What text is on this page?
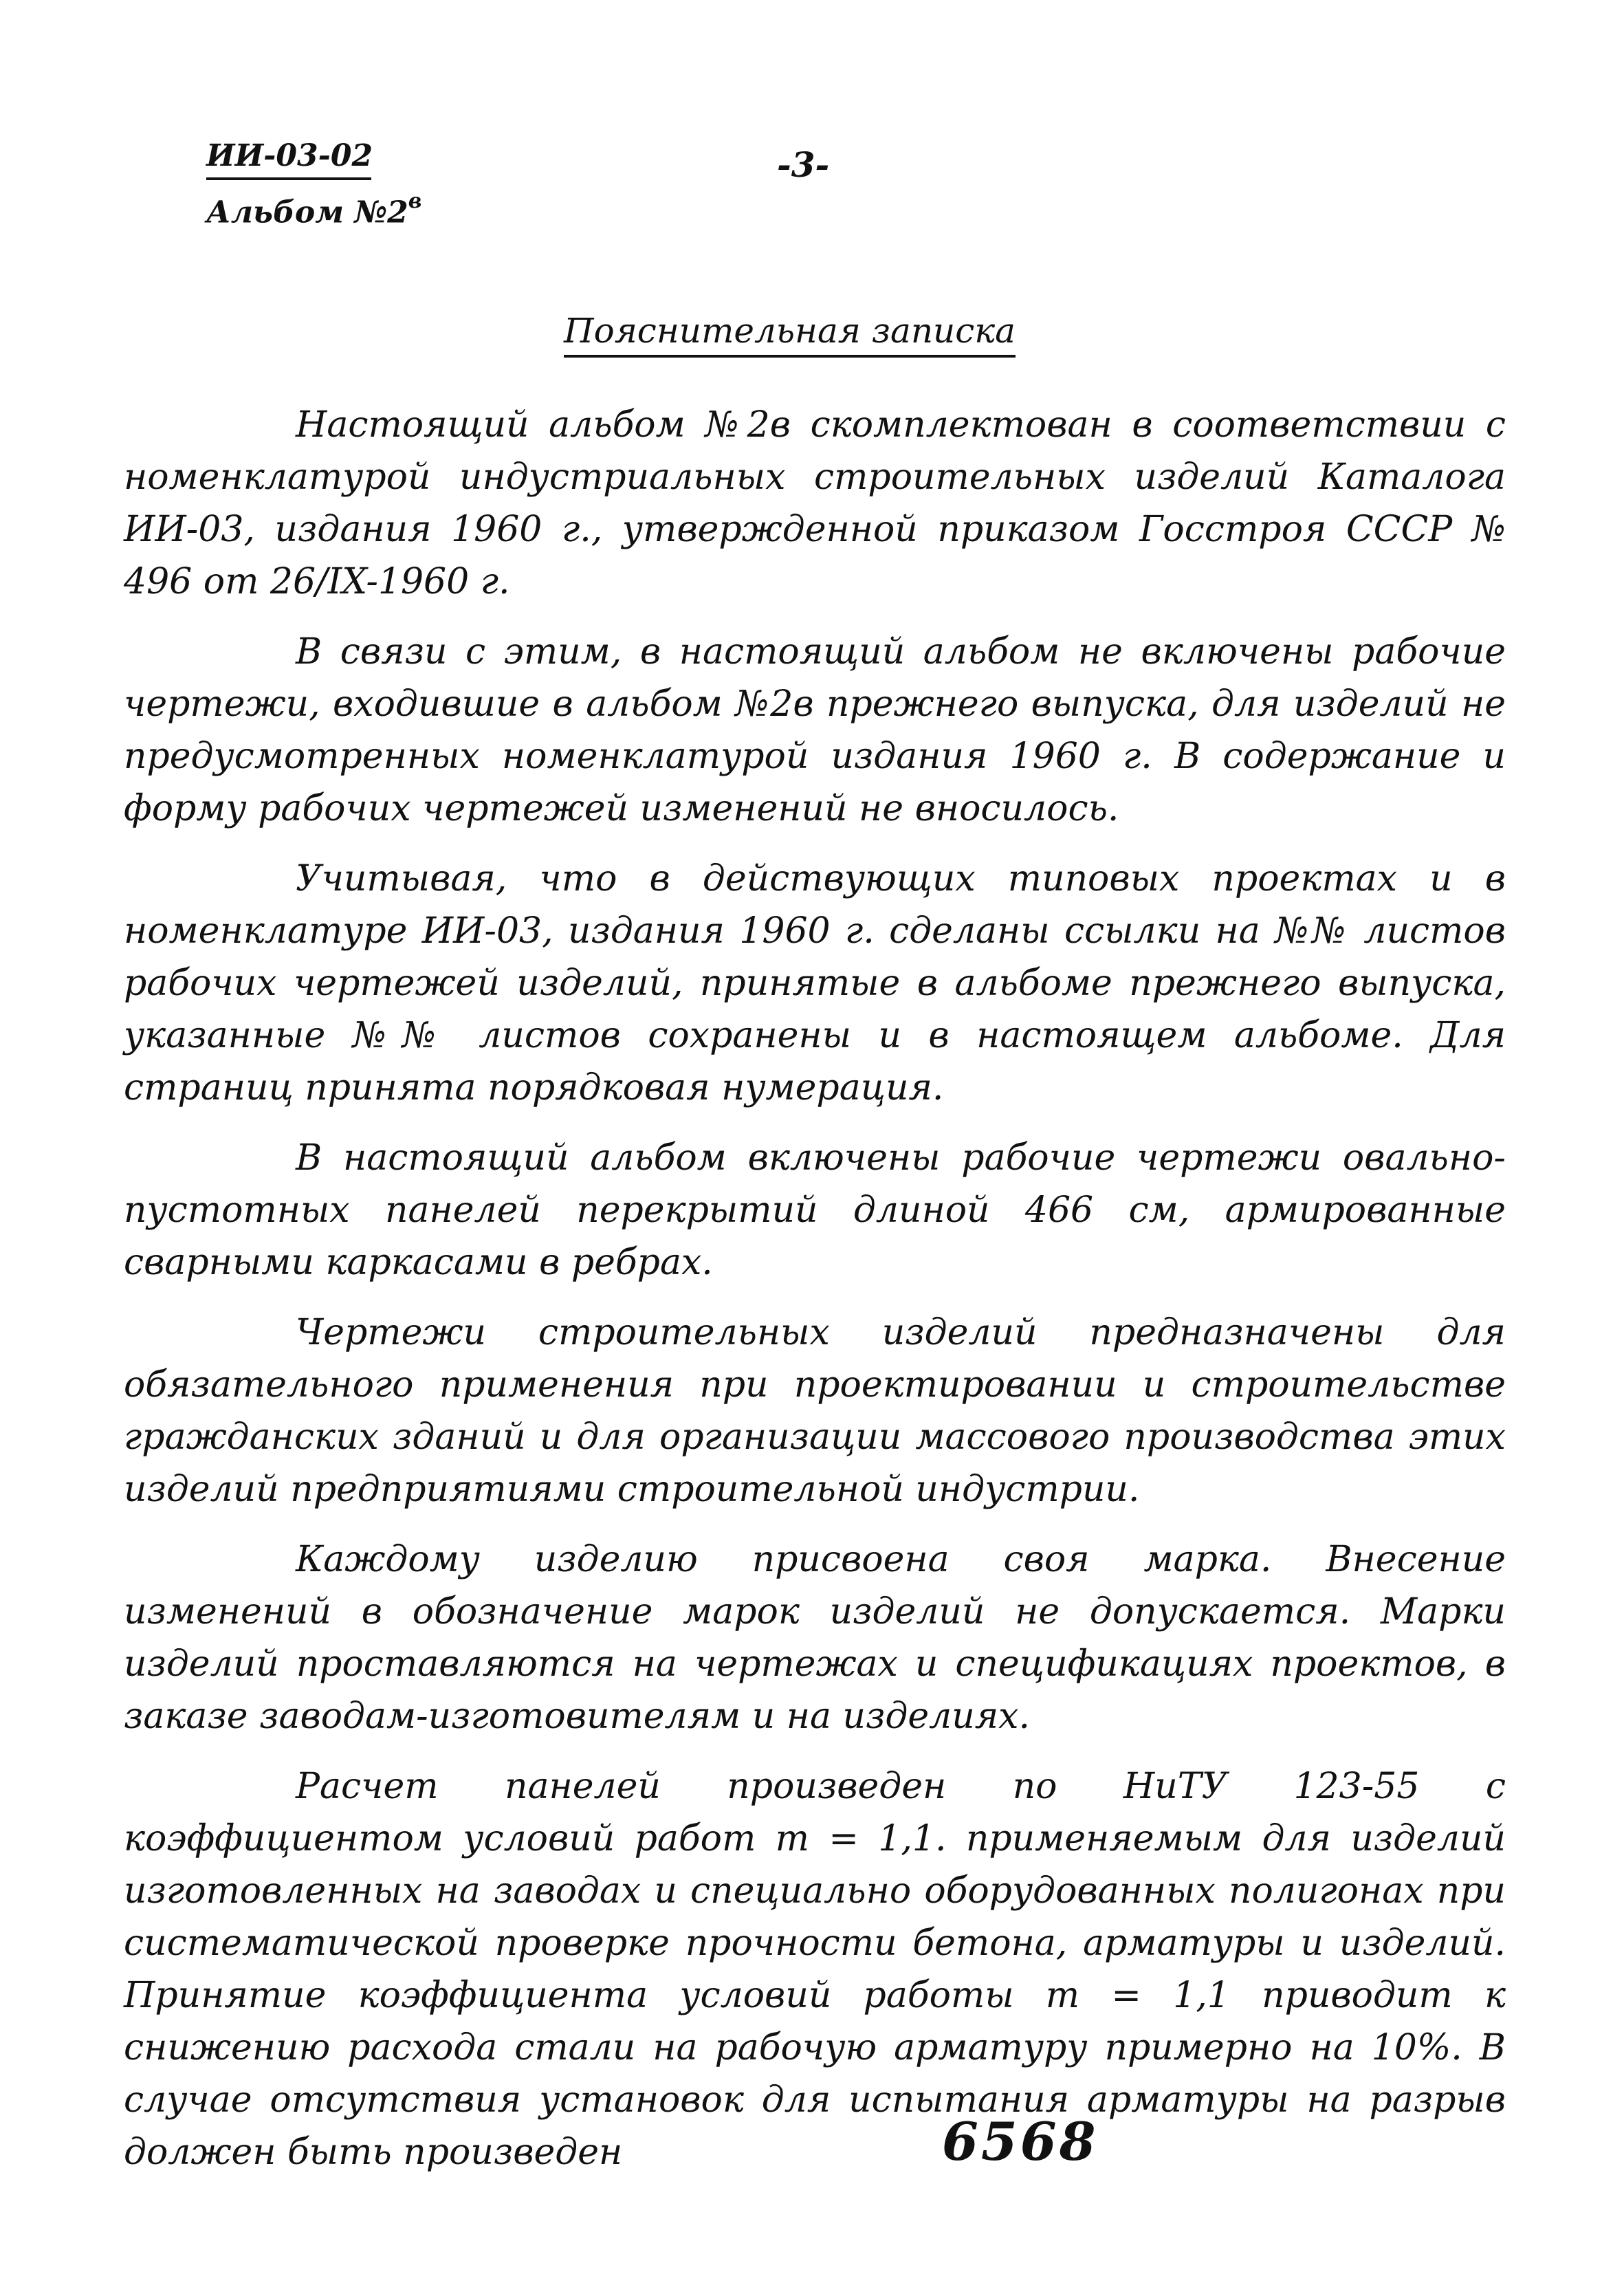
ИИ-03-02
Альбом $№2^в$
-3-
Пояснительная записка

Настоящий альбом №2в скомплектован в соответствии с номенклатурой индустриальных строительных изделий Каталога ИИ-03, издания 1960 г., утвержденной приказом Госстроя СССР № 496 от 26/IX-1960 г.

В связи с этим, в настоящий альбом не включены рабочие чертежи, входившие в альбом №2в прежнего выпуска, для изделий не предусмотренных номенклатурой издания 1960 г. В содержание и форму рабочих чертежей изменений не вносилось.

Учитывая, что в действующих типовых проектах и в номенклатуре ИИ-03, издания 1960 г. сделаны ссылки на №№ листов рабочих чертежей изделий, принятые в альбоме прежнего выпуска, указанные №№ листов сохранены и в настоящем альбоме. Для страниц принята порядковая нумерация.

В настоящий альбом включены рабочие чертежи овально-пустотных панелей перекрытий длиной 466 см, армированные сварными каркасами в ребрах.

Чертежи строительных изделий предназначены для обязательного применения при проектировании и строительстве гражданских зданий и для организации массового производства этих изделий предприятиями строительной индустрии.

Каждому изделию присвоена своя марка. Внесение изменений в обозначение марок изделий не допускается. Марки изделий проставляются на чертежах и спецификациях проектов, в заказе заводам-изготовителям и на изделиях.

Расчет панелей произведен по НиТУ 123-55 с коэффициентом условий работ m = 1,1. применяемым для изделий изготовленных на заводах и специально оборудованных полигонах при систематической проверке прочности бетона, арматуры и изделий. Принятие коэффициента условий работы m = 1,1 приводит к снижению расхода стали на рабочую арматуру примерно на 10%. В случае отсутствия установок для испытания арматуры на разрыв должен быть произведен	6568
